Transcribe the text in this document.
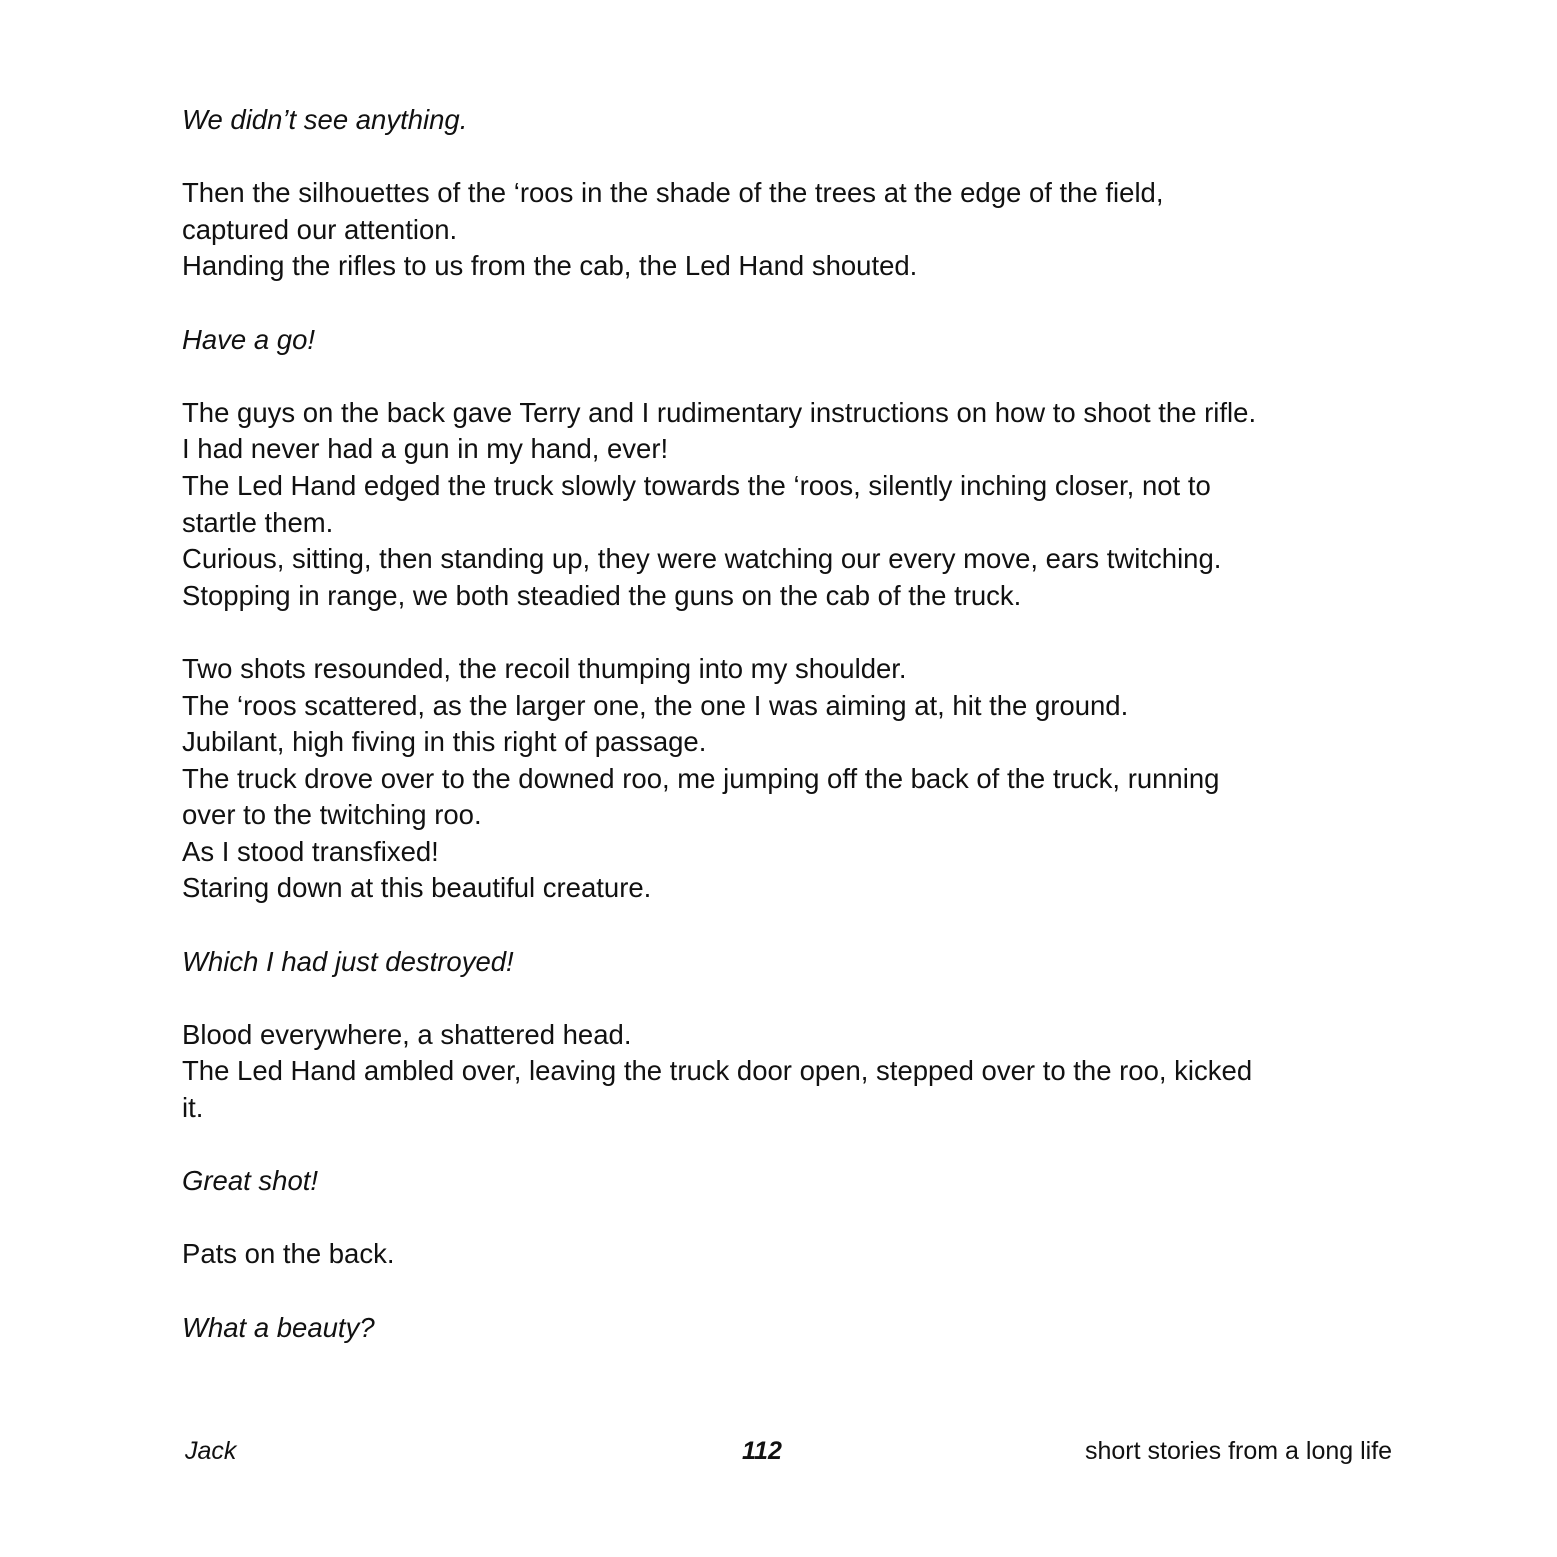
We didn’t see anything.
Then the silhouettes of the ‘roos in the shade of the trees at the edge of the field,
captured our attention.
Handing the rifles to us from the cab, the Led Hand shouted.
Have a go!
The guys on the back gave Terry and I rudimentary instructions on how to shoot the rifle.
I had never had a gun in my hand, ever!
The Led Hand edged the truck slowly towards the ‘roos, silently inching closer, not to
startle them.
Curious, sitting, then standing up, they were watching our every move, ears twitching.
Stopping in range, we both steadied the guns on the cab of the truck.
Two shots resounded, the recoil thumping into my shoulder.
The ‘roos scattered, as the larger one, the one I was aiming at, hit the ground.
Jubilant, high fiving in this right of passage.
The truck drove over to the downed roo, me jumping off the back of the truck, running
over to the twitching roo.
As I stood transfixed!
Staring down at this beautiful creature.
Which I had just destroyed!
Blood everywhere, a shattered head.
The Led Hand ambled over, leaving the truck door open, stepped over to the roo, kicked
it.
Great shot!
Pats on the back.
What a beauty?
Jack	112	short stories from a long life
